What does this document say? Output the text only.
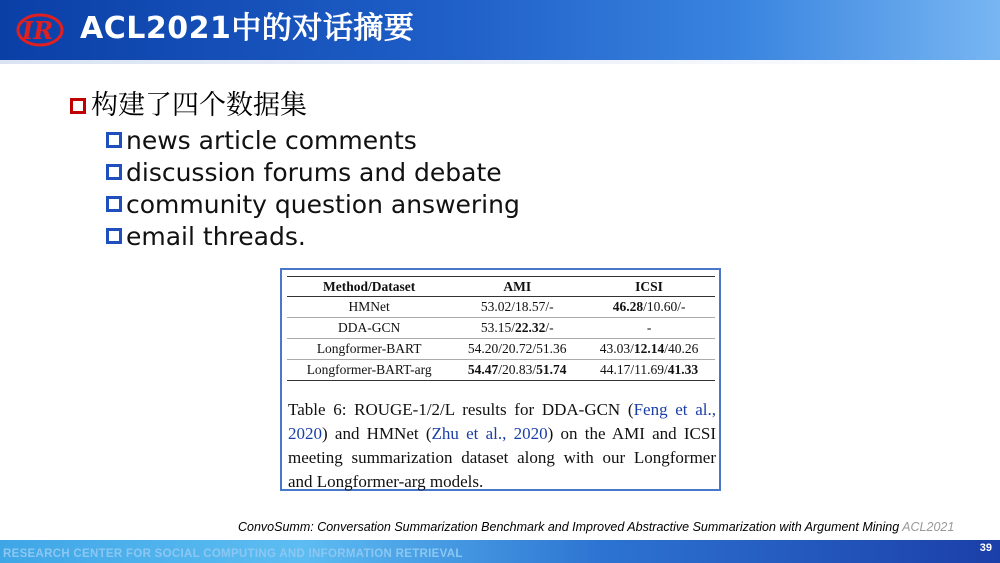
IR ACL2021中的对话摘要
构建了四个数据集
news article comments
discussion forums and debate
community question answering
email threads.
Method/Dataset	AMI	ICSI
HMNet	53.02/18.57/-	46.28/10.60/-
DDA-GCN	53.15/22.32/-	-
Longformer-BART	54.20/20.72/51.36	43.03/12.14/40.26
Longformer-BART-arg	54.47/20.83/51.74	44.17/11.69/41.33
Table 6: ROUGE-1/2/L results for DDA-GCN (Feng et al., 2020) and HMNet (Zhu et al., 2020) on the AMI and ICSI meeting summarization dataset along with our Longformer and Longformer-arg models.
ConvoSumm: Conversation Summarization Benchmark and Improved Abstractive Summarization with Argument Mining ACL2021
RESEARCH CENTER FOR SOCIAL COMPUTING AND INFORMATION RETRIEVAL	39
